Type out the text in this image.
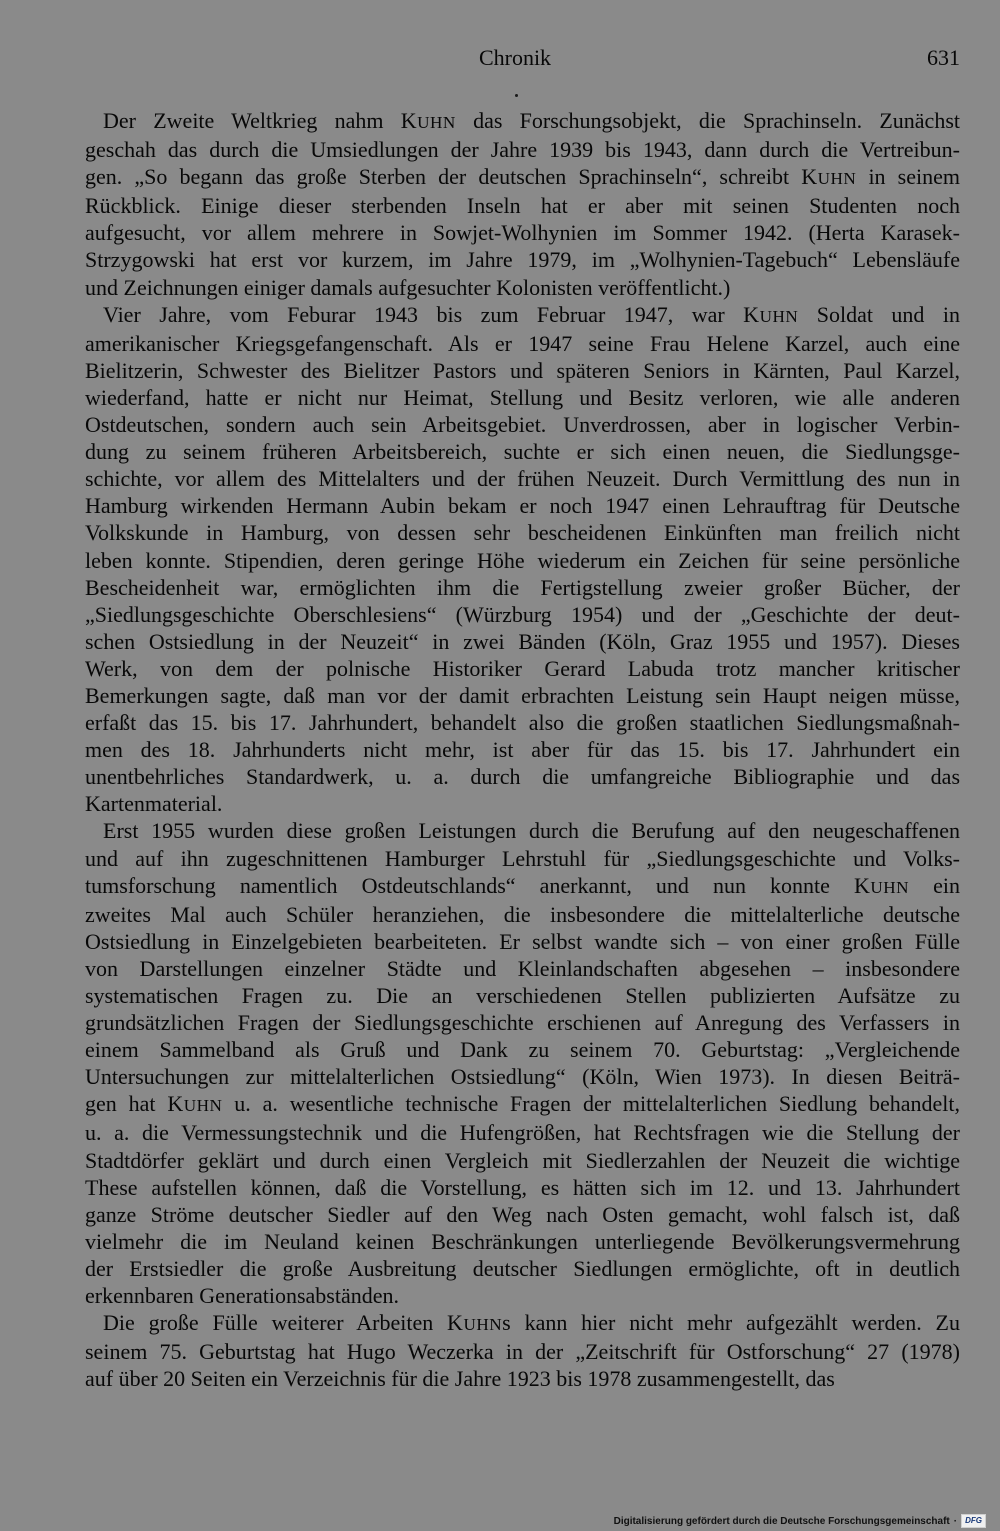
Chronik	631
Der Zweite Weltkrieg nahm KUHN das Forschungsobjekt, die Sprachinseln. Zunächst
geschah das durch die Umsiedlungen der Jahre 1939 bis 1943, dann durch die Vertreibun-
gen. „So begann das große Sterben der deutschen Sprachinseln“, schreibt KUHN in seinem
Rückblick. Einige dieser sterbenden Inseln hat er aber mit seinen Studenten noch
aufgesucht, vor allem mehrere in Sowjet-Wolhynien im Sommer 1942. (Herta Karasek-
Strzygowski hat erst vor kurzem, im Jahre 1979, im „Wolhynien-Tagebuch“ Lebensläufe
und Zeichnungen einiger damals aufgesuchter Kolonisten veröffentlicht.)
Vier Jahre, vom Feburar 1943 bis zum Februar 1947, war KUHN Soldat und in
amerikanischer Kriegsgefangenschaft. Als er 1947 seine Frau Helene Karzel, auch eine
Bielitzerin, Schwester des Bielitzer Pastors und späteren Seniors in Kärnten, Paul Karzel,
wiederfand, hatte er nicht nur Heimat, Stellung und Besitz verloren, wie alle anderen
Ostdeutschen, sondern auch sein Arbeitsgebiet. Unverdrossen, aber in logischer Verbin-
dung zu seinem früheren Arbeitsbereich, suchte er sich einen neuen, die Siedlungsge-
schichte, vor allem des Mittelalters und der frühen Neuzeit. Durch Vermittlung des nun in
Hamburg wirkenden Hermann Aubin bekam er noch 1947 einen Lehrauftrag für Deutsche
Volkskunde in Hamburg, von dessen sehr bescheidenen Einkünften man freilich nicht
leben konnte. Stipendien, deren geringe Höhe wiederum ein Zeichen für seine persönliche
Bescheidenheit war, ermöglichten ihm die Fertigstellung zweier großer Bücher, der
„Siedlungsgeschichte Oberschlesiens“ (Würzburg 1954) und der „Geschichte der deut-
schen Ostsiedlung in der Neuzeit“ in zwei Bänden (Köln, Graz 1955 und 1957). Dieses
Werk, von dem der polnische Historiker Gerard Labuda trotz mancher kritischer
Bemerkungen sagte, daß man vor der damit erbrachten Leistung sein Haupt neigen müsse,
erfaßt das 15. bis 17. Jahrhundert, behandelt also die großen staatlichen Siedlungsmaßnah-
men des 18. Jahrhunderts nicht mehr, ist aber für das 15. bis 17. Jahrhundert ein
unentbehrliches Standardwerk, u. a. durch die umfangreiche Bibliographie und das
Kartenmaterial.
Erst 1955 wurden diese großen Leistungen durch die Berufung auf den neugeschaffenen
und auf ihn zugeschnittenen Hamburger Lehrstuhl für „Siedlungsgeschichte und Volks-
tumsforschung namentlich Ostdeutschlands“ anerkannt, und nun konnte KUHN ein
zweites Mal auch Schüler heranziehen, die insbesondere die mittelalterliche deutsche
Ostsiedlung in Einzelgebieten bearbeiteten. Er selbst wandte sich – von einer großen Fülle
von Darstellungen einzelner Städte und Kleinlandschaften abgesehen – insbesondere
systematischen Fragen zu. Die an verschiedenen Stellen publizierten Aufsätze zu
grundsätzlichen Fragen der Siedlungsgeschichte erschienen auf Anregung des Verfassers in
einem Sammelband als Gruß und Dank zu seinem 70. Geburtstag: „Vergleichende
Untersuchungen zur mittelalterlichen Ostsiedlung“ (Köln, Wien 1973). In diesen Beiträ-
gen hat KUHN u. a. wesentliche technische Fragen der mittelalterlichen Siedlung behandelt,
u. a. die Vermessungstechnik und die Hufengrößen, hat Rechtsfragen wie die Stellung der
Stadtdörfer geklärt und durch einen Vergleich mit Siedlerzahlen der Neuzeit die wichtige
These aufstellen können, daß die Vorstellung, es hätten sich im 12. und 13. Jahrhundert
ganze Ströme deutscher Siedler auf den Weg nach Osten gemacht, wohl falsch ist, daß
vielmehr die im Neuland keinen Beschränkungen unterliegende Bevölkerungsvermehrung
der Erstsiedler die große Ausbreitung deutscher Siedlungen ermöglichte, oft in deutlich
erkennbaren Generationsabständen.
Die große Fülle weiterer Arbeiten KUHNs kann hier nicht mehr aufgezählt werden. Zu
seinem 75. Geburtstag hat Hugo Weczerka in der „Zeitschrift für Ostforschung“ 27 (1978)
auf über 20 Seiten ein Verzeichnis für die Jahre 1923 bis 1978 zusammengestellt, das
Digitalisierung gefördert durch die Deutsche Forschungsgemeinschaft ·	DFG
